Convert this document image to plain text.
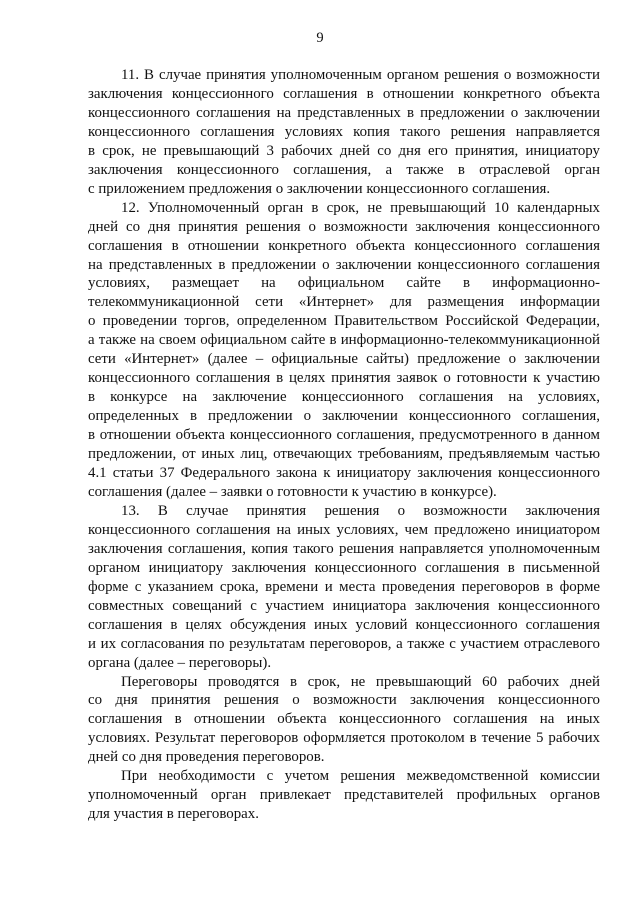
9
11. В случае принятия уполномоченным органом решения о возможности
заключения концессионного соглашения в отношении конкретного объекта
концессионного соглашения на представленных в предложении о заключении
концессионного соглашения условиях копия такого решения направляется
в срок, не превышающий 3 рабочих дней со дня его принятия, инициатору
заключения концессионного соглашения, а также в отраслевой орган
с приложением предложения о заключении концессионного соглашения.
12. Уполномоченный орган в срок, не превышающий 10 календарных
дней со дня принятия решения о возможности заключения концессионного
соглашения в отношении конкретного объекта концессионного соглашения
на представленных в предложении о заключении концессионного соглашения
условиях, размещает на официальном сайте в информационно-
телекоммуникационной сети «Интернет» для размещения информации
о проведении торгов, определенном Правительством Российской Федерации,
а также на своем официальном сайте в информационно-телекоммуникационной
сети «Интернет» (далее – официальные сайты) предложение о заключении
концессионного соглашения в целях принятия заявок о готовности к участию
в конкурсе на заключение концессионного соглашения на условиях,
определенных в предложении о заключении концессионного соглашения,
в отношении объекта концессионного соглашения, предусмотренного в данном
предложении, от иных лиц, отвечающих требованиям, предъявляемым частью
4.1 статьи 37 Федерального закона к инициатору заключения концессионного
соглашения (далее – заявки о готовности к участию в конкурсе).
13. В случае принятия решения о возможности заключения
концессионного соглашения на иных условиях, чем предложено инициатором
заключения соглашения, копия такого решения направляется уполномоченным
органом инициатору заключения концессионного соглашения в письменной
форме с указанием срока, времени и места проведения переговоров в форме
совместных совещаний с участием инициатора заключения концессионного
соглашения в целях обсуждения иных условий концессионного соглашения
и их согласования по результатам переговоров, а также с участием отраслевого
органа (далее – переговоры).
Переговоры проводятся в срок, не превышающий 60 рабочих дней
со дня принятия решения о возможности заключения концессионного
соглашения в отношении объекта концессионного соглашения на иных
условиях. Результат переговоров оформляется протоколом в течение 5 рабочих
дней со дня проведения переговоров.
При необходимости с учетом решения межведомственной комиссии
уполномоченный орган привлекает представителей профильных органов
для участия в переговорах.
